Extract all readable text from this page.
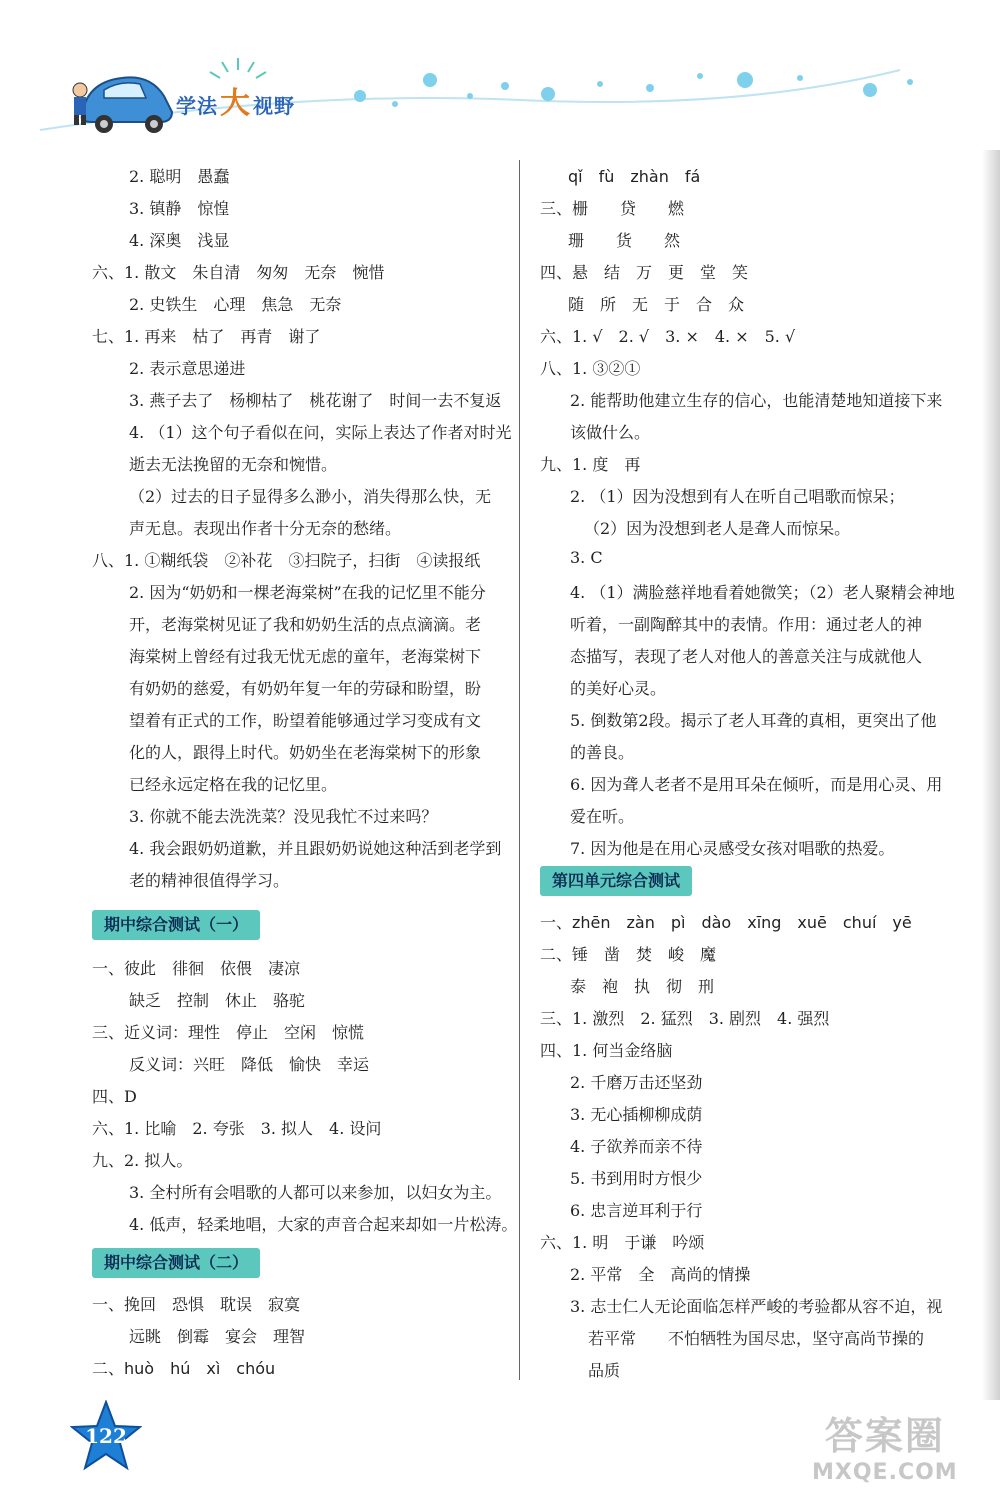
学法大 视野
2. 聪明　愚蠢
3. 镇静　惊惶
4. 深奥　浅显
六、1. 散文　朱自清　匆匆　无奈　惋惜
2. 史铁生　心理　焦急　无奈
七、1. 再来　枯了　再青　谢了
2. 表示意思递进
3. 燕子去了　杨柳枯了　桃花谢了　时间一去不复返
4. （1）这个句子看似在问，实际上表达了作者对时光
逝去无法挽留的无奈和惋惜。
（2）过去的日子显得多么渺小，消失得那么快，无
声无息。表现出作者十分无奈的愁绪。
八、1. ①糊纸袋　②补花　③扫院子，扫街　④读报纸
2. 因为“奶奶和一棵老海棠树”在我的记忆里不能分
开，老海棠树见证了我和奶奶生活的点点滴滴。老
海棠树上曾经有过我无忧无虑的童年，老海棠树下
有奶奶的慈爱，有奶奶年复一年的劳碌和盼望，盼
望着有正式的工作，盼望着能够通过学习变成有文
化的人，跟得上时代。奶奶坐在老海棠树下的形象
已经永远定格在我的记忆里。
3. 你就不能去洗洗菜？没见我忙不过来吗？
4. 我会跟奶奶道歉，并且跟奶奶说她这种活到老学到
老的精神很值得学习。
期中综合测试（一）
一、彼此　徘徊　依偎　凄凉
缺乏　控制　休止　骆驼
三、近义词：理性　停止　空闲　惊慌
反义词：兴旺　降低　愉快　幸运
四、D
六、1. 比喻　2. 夸张　3. 拟人　4. 设问
九、2. 拟人。
3. 全村所有会唱歌的人都可以来参加，以妇女为主。
4. 低声，轻柔地唱，大家的声音合起来却如一片松涛。
期中综合测试（二）
一、挽回　恐惧　耽误　寂寞
远眺　倒霉　宴会　理智
二、huò　hú　xì　chóu
qǐ　fù　zhàn　fá
三、栅　　贷　　燃
珊　　货　　然
四、悬　结　万　更　堂　笑
随　所　无　于　合　众
六、1. √　2. √　3. ×　4. ×　5. √
八、1. ③②①
2. 能帮助他建立生存的信心，也能清楚地知道接下来
该做什么。
九、1. 度　再
2. （1）因为没想到有人在听自己唱歌而惊呆；
（2）因为没想到老人是聋人而惊呆。
3. C
4. （1）满脸慈祥地看着她微笑；（2）老人聚精会神地
听着，一副陶醉其中的表情。作用：通过老人的神
态描写，表现了老人对他人的善意关注与成就他人
的美好心灵。
5. 倒数第2段。揭示了老人耳聋的真相，更突出了他
的善良。
6. 因为聋人老者不是用耳朵在倾听，而是用心灵、用
爱在听。
7. 因为他是在用心灵感受女孩对唱歌的热爱。
第四单元综合测试
一、zhēn　zàn　pì　dào　xīng　xuē　chuí　yē
二、锤　凿　焚　峻　魔
泰　袍　执　彻　刑
三、1. 激烈　2. 猛烈　3. 剧烈　4. 强烈
四、1. 何当金络脑
2. 千磨万击还坚劲
3. 无心插柳柳成荫
4. 子欲养而亲不待
5. 书到用时方恨少
6. 忠言逆耳利于行
六、1. 明　于谦　吟颂
2. 平常　全　高尚的情操
3. 志士仁人无论面临怎样严峻的考验都从容不迫，视
若平常　　不怕牺牲为国尽忠，坚守高尚节操的
品质
122	答案圈
MXQE.COM
